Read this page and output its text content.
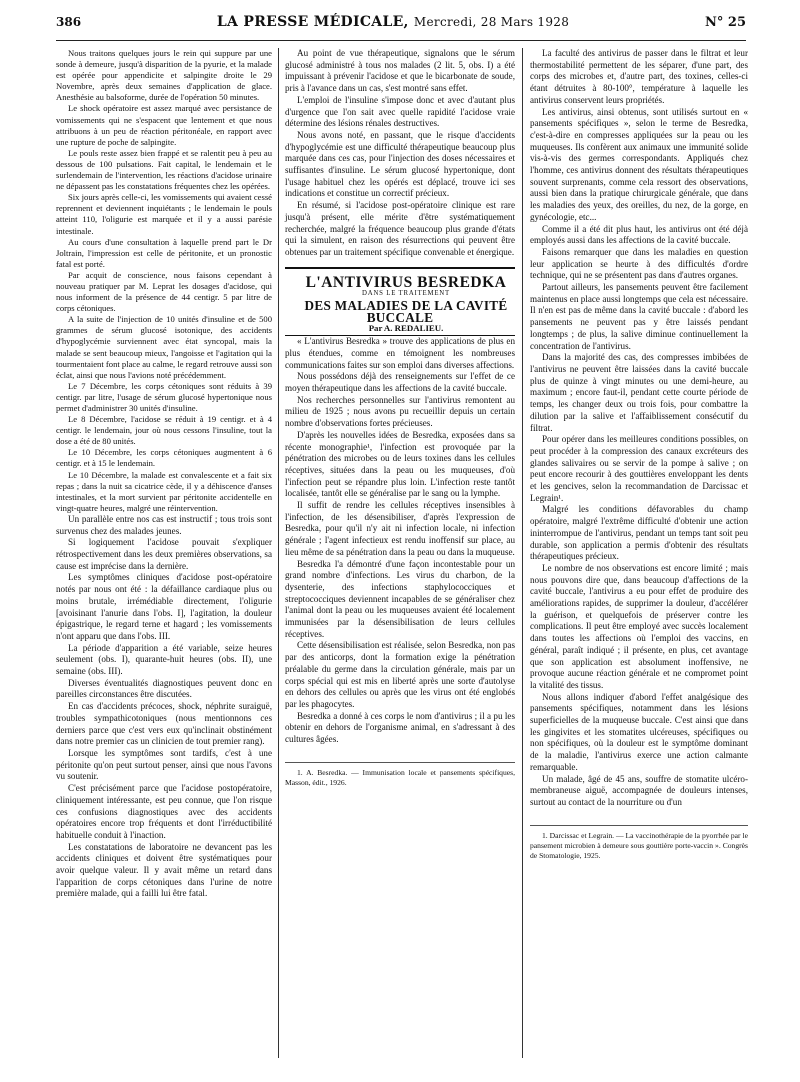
386	LA PRESSE MÉDICALE, Mercredi, 28 Mars 1928	N° 25

Nous traitons quelques jours le rein qui suppure par une sonde à demeure, jusqu'à disparition de la pyurie, et la malade est opérée pour appendicite et salpingite droite le 29 Novembre, après deux semaines d'application de glace. Anesthésie au balsoforme, durée de l'opération 50 minutes.

Le shock opératoire est assez marqué avec persistance de vomissements qui ne s'espacent que lentement et que nous attribuons à un peu de réaction péritonéale, en rapport avec une rupture de poche de salpingite.

Le pouls reste assez bien frappé et se ralentit peu à peu au dessous de 100 pulsations. Fait capital, le lendemain et le surlendemain de l'intervention, les réactions d'acidose urinaire ne dépassent pas les constatations fréquentes chez les opérées.

Six jours après celle-ci, les vomissements qui avaient cessé reprennent et deviennent inquiétants ; le lendemain le pouls atteint 110, l'oligurie est marquée et il y a aussi parésie intestinale.

Au cours d'une consultation à laquelle prend part le Dr Joltrain, l'impression est celle de péritonite, et un pronostic fatal est porté.

Par acquit de conscience, nous faisons cependant à nouveau pratiquer par M. Leprat les dosages d'acidose, qui nous informent de la présence de 44 centigr. 5 par litre de corps cétoniques.

A la suite de l'injection de 10 unités d'insuline et de 500 grammes de sérum glucosé isotonique, des accidents d'hypoglycémie surviennent avec état syncopal, mais la malade se sent beaucoup mieux, l'angoisse et l'agitation qui la tourmentaient font place au calme, le regard retrouve aussi son éclat, ainsi que nous l'avions noté précédemment.

Le 7 Décembre, les corps cétoniques sont réduits à 39 centigr. par litre, l'usage de sérum glucosé hypertonique nous permet d'administrer 30 unités d'insuline.

Le 8 Décembre, l'acidose se réduit à 19 centigr. et à 4 centigr. le lendemain, jour où nous cessons l'insuline, tout la dose a été de 80 unités.

Le 10 Décembre, les corps cétoniques augmentent à 6 centigr. et à 15 le lendemain.

Le 10 Décembre, la malade est convalescente et a fait six repas ; dans la nuit sa cicatrice cède, il y a déhiscence d'anses intestinales, et la mort survient par péritonite accidentelle en vingt-quatre heures, malgré une réintervention.

Un parallèle entre nos cas est instructif ; tous trois sont survenus chez des malades jeunes.

Si logiquement l'acidose pouvait s'expliquer rétrospectivement dans les deux premières observations, sa cause est imprécise dans la dernière.

Les symptômes cliniques d'acidose post-opératoire notés par nous ont été : la défaillance cardiaque plus ou moins brutale, irrémédiable directement, l'oligurie [avoisinant l'anurie dans l'obs. I], l'agitation, la douleur épigastrique, le regard terne et hagard ; les vomissements n'ont apparu que dans l'obs. III.

La période d'apparition a été variable, seize heures seulement (obs. I), quarante-huit heures (obs. II), une semaine (obs. III).

Diverses éventualités diagnostiques peuvent donc en pareilles circonstances être discutées.

En cas d'accidents précoces, shock, néphrite suraiguë, troubles sympathicotoniques (nous mentionnons ces derniers parce que c'est vers eux qu'inclinait obstinément dans notre premier cas un clinicien de tout premier rang).

Lorsque les symptômes sont tardifs, c'est à une péritonite qu'on peut surtout penser, ainsi que nous l'avons vu soutenir.

C'est précisément parce que l'acidose postopératoire, cliniquement intéressante, est peu connue, que l'on risque ces confusions diagnostiques avec des accidents opératoires encore trop fréquents et dont l'irréductibilité habituelle conduit à l'inaction.

Les constatations de laboratoire ne devancent pas les accidents cliniques et doivent être systématiques pour avoir quelque valeur. Il y avait même un retard dans l'apparition de corps cétoniques dans l'urine de notre première malade, qui a failli lui être fatal.

Au point de vue thérapeutique, signalons que le sérum glucosé administré à tous nos malades (2 lit. 5, obs. I) a été impuissant à prévenir l'acidose et que le bicarbonate de soude, pris à l'avance dans un cas, s'est montré sans effet.

L'emploi de l'insuline s'impose donc et avec d'autant plus d'urgence que l'on sait avec quelle rapidité l'acidose vraie détermine des lésions rénales destructives.

Nous avons noté, en passant, que le risque d'accidents d'hypoglycémie est une difficulté thérapeutique beaucoup plus marquée dans ces cas, pour l'injection des doses nécessaires et suffisantes d'insuline. Le sérum glucosé hypertonique, dont l'usage habituel chez les opérés est déplacé, trouve ici ses indications et constitue un correctif précieux.

En résumé, si l'acidose post-opératoire clinique est rare jusqu'à présent, elle mérite d'être systématiquement recherchée, malgré la fréquence beaucoup plus grande d'états qui la simulent, en raison des résurrections qui peuvent être obtenues par un traitement spécifique convenable et énergique.

L'ANTIVIRUS BESREDKA

DANS LE TRAITEMENT

DES MALADIES DE LA CAVITÉ BUCCALE

Par A. REDALIEU.

« L'antivirus Besredka » trouve des applications de plus en plus étendues, comme en témoignent les nombreuses communications faites sur son emploi dans diverses affections.

Nous possédons déjà des renseignements sur l'effet de ce moyen thérapeutique dans les affections de la cavité buccale.

Nos recherches personnelles sur l'antivirus remontent au milieu de 1925 ; nous avons pu recueillir depuis un certain nombre d'observations fortes précieuses.

D'après les nouvelles idées de Besredka, exposées dans sa récente monographie¹, l'infection est provoquée par la pénétration des microbes ou de leurs toxines dans les cellules réceptives, situées dans la peau ou les muqueuses, d'où l'infection peut se répandre plus loin. L'infection reste tantôt localisée, tantôt elle se généralise par le sang ou la lymphe.

Il suffit de rendre les cellules réceptives insensibles à l'infection, de les désensibiliser, d'après l'expression de Besredka, pour qu'il n'y ait ni infection locale, ni infection générale ; l'agent infectieux est rendu inoffensif sur place, au lieu même de sa pénétration dans la peau ou dans la muqueuse.

Besredka l'a démontré d'une façon incontestable pour un grand nombre d'infections. Les virus du charbon, de la dysenterie, des infections staphylococciques et streptococciques deviennent incapables de se généraliser chez l'animal dont la peau ou les muqueuses avaient été localement immunisées par la désensibilisation de leurs cellules réceptives.

Cette désensibilisation est réalisée, selon Besredka, non pas par des anticorps, dont la formation exige la pénétration préalable du germe dans la circulation générale, mais par un corps spécial qui est mis en liberté après une sorte d'autolyse en dehors des cellules ou après que les virus ont été englobés par les phagocytes.

Besredka a donné à ces corps le nom d'antivirus ; il a pu les obtenir en dehors de l'organisme animal, en s'adressant à des cultures âgées.

1. A. Besredka. — Immunisation locale et pansements spécifiques, Masson, édit., 1926.

La faculté des antivirus de passer dans le filtrat et leur thermostabilité permettent de les séparer, d'une part, des corps des microbes et, d'autre part, des toxines, celles-ci étant détruites à 80-100°, température à laquelle les antivirus conservent leurs propriétés.

Les antivirus, ainsi obtenus, sont utilisés surtout en « pansements spécifiques », selon le terme de Besredka, c'est-à-dire en compresses appliquées sur la peau ou les muqueuses. Ils confèrent aux animaux une immunité solide vis-à-vis des germes correspondants. Appliqués chez l'homme, ces antivirus donnent des résultats thérapeutiques souvent surprenants, comme cela ressort des observations, aussi bien dans la pratique chirurgicale générale, que dans les maladies des yeux, des oreilles, du nez, de la gorge, en gynécologie, etc...

Comme il a été dit plus haut, les antivirus ont été déjà employés aussi dans les affections de la cavité buccale.

Faisons remarquer que dans les maladies en question leur application se heurte à des difficultés d'ordre technique, qui ne se présentent pas dans d'autres organes.

Partout ailleurs, les pansements peuvent être facilement maintenus en place aussi longtemps que cela est nécessaire. Il n'en est pas de même dans la cavité buccale : d'abord les pansements ne peuvent pas y être laissés pendant longtemps ; de plus, la salive diminue continuellement la concentration de l'antivirus.

Dans la majorité des cas, des compresses imbibées de l'antivirus ne peuvent être laissées dans la cavité buccale plus de quinze à vingt minutes ou une demi-heure, au maximum ; encore faut-il, pendant cette courte période de temps, les changer deux ou trois fois, pour combattre la dilution par la salive et l'affaiblissement consécutif du filtrat.

Pour opérer dans les meilleures conditions possibles, on peut procéder à la compression des canaux excréteurs des glandes salivaires ou se servir de la pompe à salive ; on peut encore recourir à des gouttières enveloppant les dents et les gencives, selon la recommandation de Darcissac et Legrain¹.

Malgré les conditions défavorables du champ opératoire, malgré l'extrême difficulté d'obtenir une action ininterrompue de l'antivirus, pendant un temps tant soit peu durable, son application a permis d'obtenir des résultats thérapeutiques précieux.

Le nombre de nos observations est encore limité ; mais nous pouvons dire que, dans beaucoup d'affections de la cavité buccale, l'antivirus a eu pour effet de produire des améliorations rapides, de supprimer la douleur, d'accélérer la guérison, et quelquefois de préserver contre les complications. Il peut être employé avec succès localement dans toutes les affections où l'emploi des vaccins, en général, paraît indiqué ; il présente, en plus, cet avantage que son application est absolument inoffensive, ne provoque aucune réaction générale et ne compromet point la vitalité des tissus.

Nous allons indiquer d'abord l'effet analgésique des pansements spécifiques, notamment dans les lésions superficielles de la muqueuse buccale. C'est ainsi que dans les gingivites et les stomatites ulcéreuses, spécifiques ou non spécifiques, où la douleur est le symptôme dominant de la maladie, l'antivirus exerce une action calmante remarquable.

Un malade, âgé de 45 ans, souffre de stomatite ulcéro-membraneuse aiguë, accompagnée de douleurs intenses, surtout au contact de la nourriture ou d'un

1. Darcissac et Legrain. — La vaccinothérapie de la pyorrhée par le pansement microbien à demeure sous gouttière porte-vaccin ». Congrès de Stomatologie, 1925.
